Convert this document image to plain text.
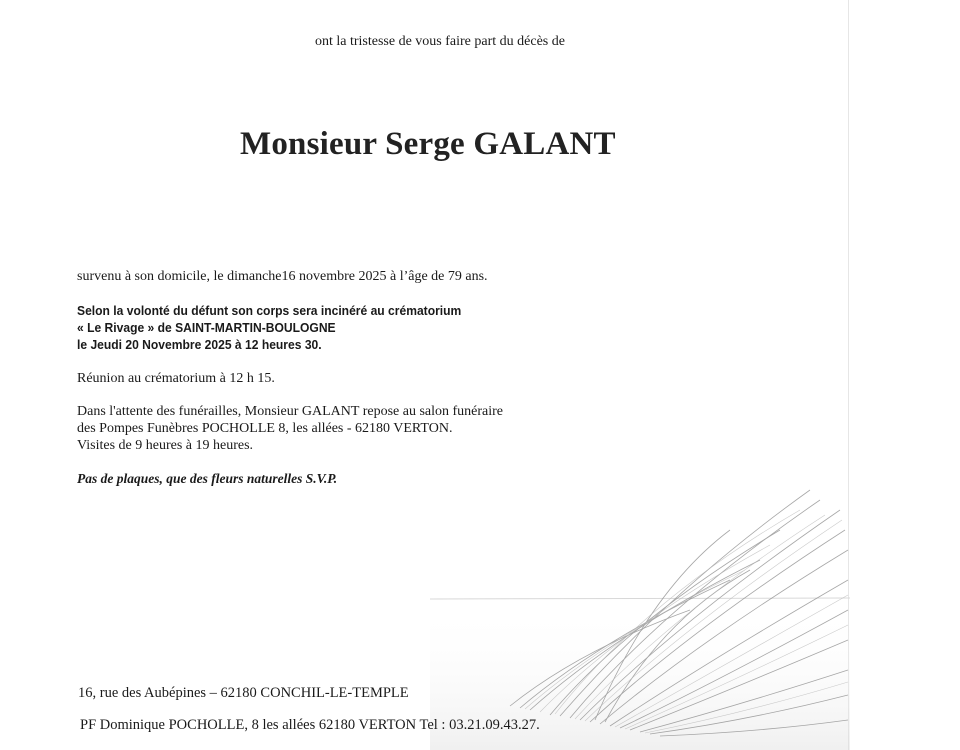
ont la tristesse de vous faire part du décès de
Monsieur Serge GALANT
survenu à son domicile, le dimanche16 novembre 2025 à l’âge de 79 ans.
Selon la volonté du défunt son corps sera incinéré au crématorium
« Le Rivage » de SAINT-MARTIN-BOULOGNE
le Jeudi 20 Novembre 2025 à 12 heures 30.
Réunion au crématorium à 12 h 15.
Dans l'attente des funérailles, Monsieur GALANT repose au salon funéraire
des Pompes Funèbres POCHOLLE 8, les allées - 62180 VERTON.
Visites de 9 heures à 19 heures.
Pas de plaques, que des fleurs naturelles S.V.P.
16, rue des Aubépines – 62180 CONCHIL-LE-TEMPLE
PF Dominique POCHOLLE, 8 les allées 62180 VERTON Tel : 03.21.09.43.27.
